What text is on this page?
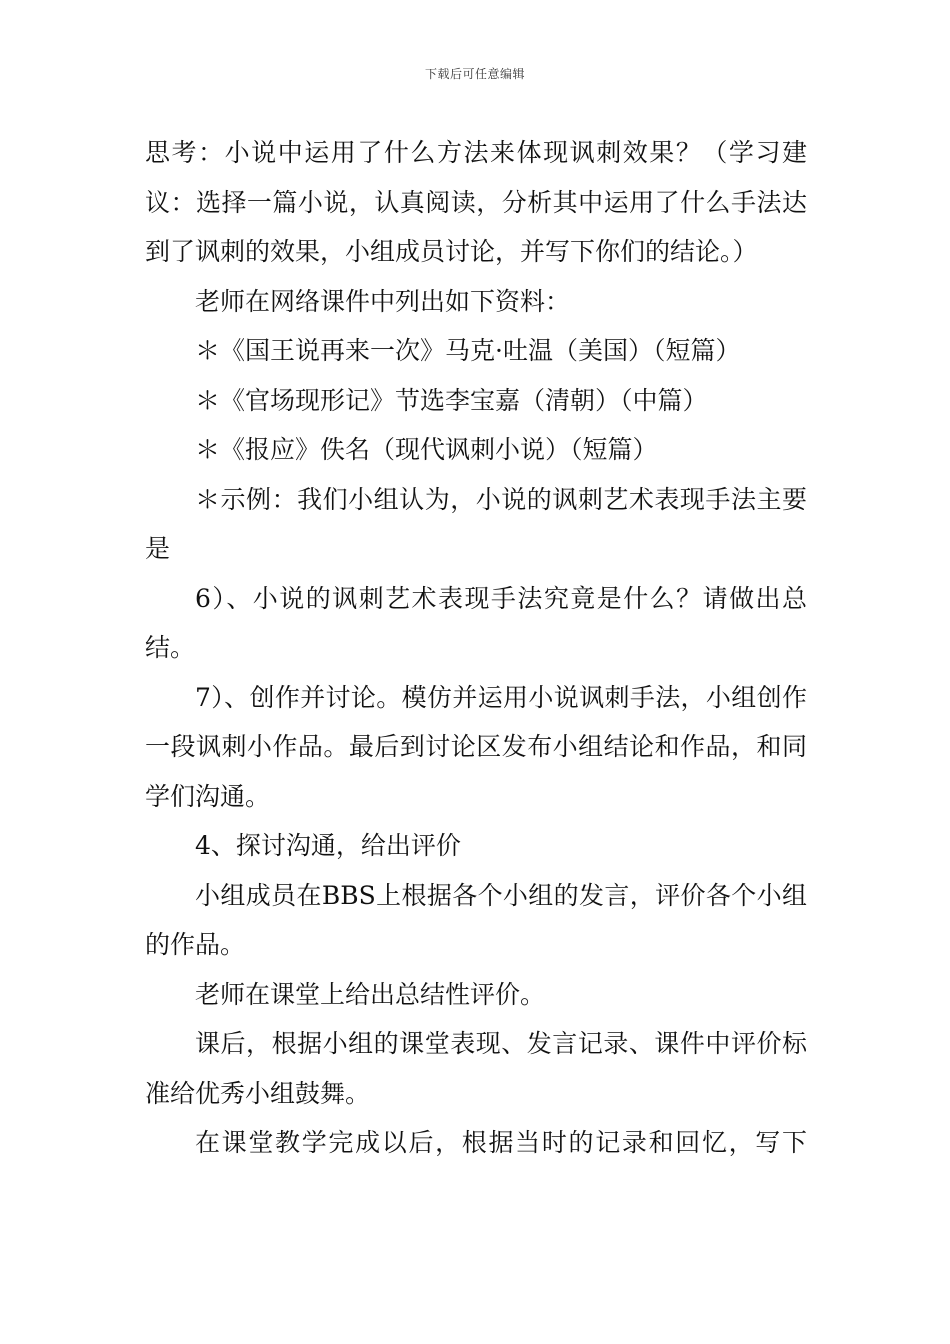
下载后可任意编辑

思考：小说中运用了什么方法来体现讽刺效果？（学习建议：选择一篇小说，认真阅读，分析其中运用了什么手法达到了讽刺的效果，小组成员讨论，并写下你们的结论。）

老师在网络课件中列出如下资料：

＊《国王说再来一次》马克·吐温（美国）（短篇）

＊《官场现形记》节选李宝嘉（清朝）（中篇）

＊《报应》佚名（现代讽刺小说）（短篇）

＊示例：我们小组认为，小说的讽刺艺术表现手法主要是

6）、小说的讽刺艺术表现手法究竟是什么？请做出总结。

7）、创作并讨论。模仿并运用小说讽刺手法，小组创作一段讽刺小作品。最后到讨论区发布小组结论和作品，和同学们沟通。

4、探讨沟通，给出评价

小组成员在BBS上根据各个小组的发言，评价各个小组的作品。

老师在课堂上给出总结性评价。

课后，根据小组的课堂表现、发言记录、课件中评价标准给优秀小组鼓舞。

在课堂教学完成以后，根据当时的记录和回忆，写下
